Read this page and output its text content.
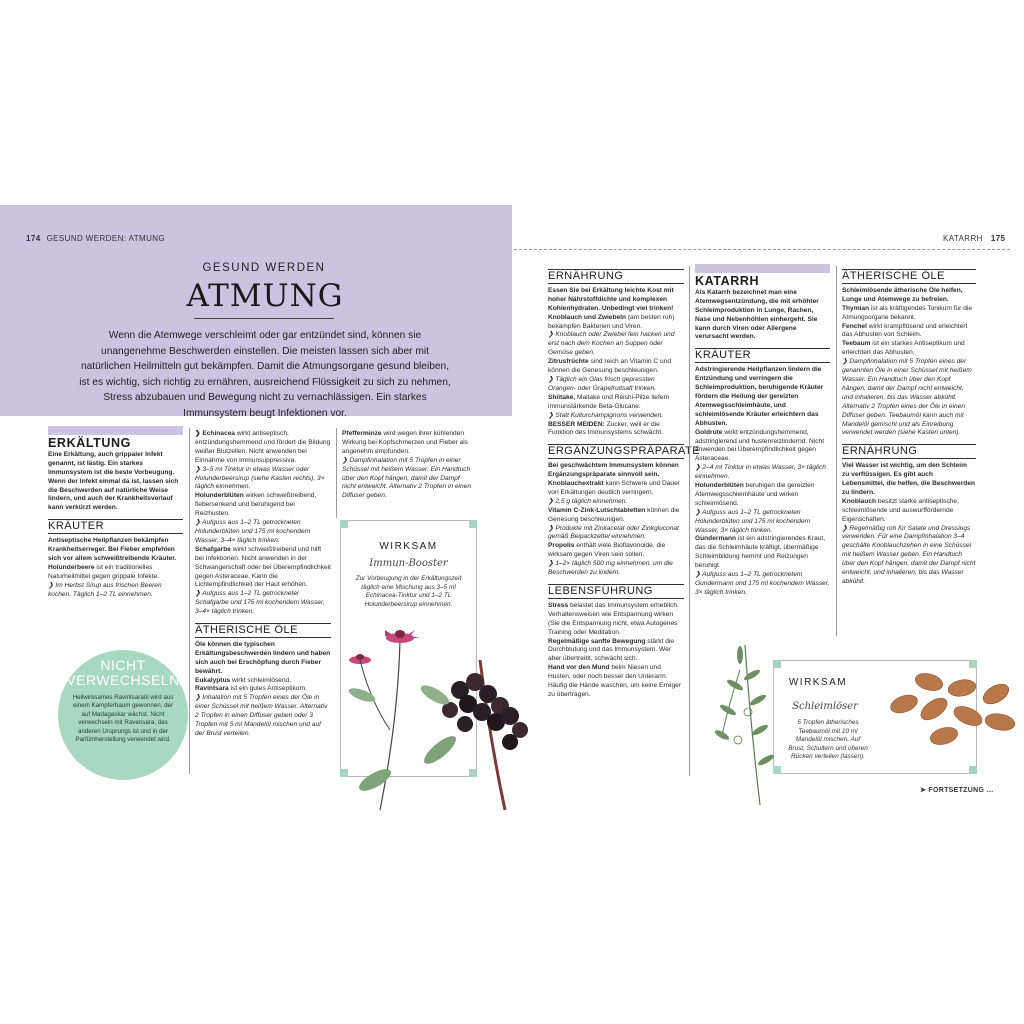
174 GESUND WERDEN: ATMUNG	KATARRH 175
GESUND WERDEN
ATMUNG
Wenn die Atemwege verschleimt oder gar entzündet sind, können sie unangenehme Beschwerden einstellen. Die meisten lassen sich aber mit natürlichen Heilmitteln gut bekämpfen. Damit die Atmungsorgane gesund bleiben, ist es wichtig, sich richtig zu ernähren, ausreichend Flüssigkeit zu sich zu nehmen, Stress abzubauen und Bewegung nicht zu vernachlässigen. Ein starkes Immunsystem beugt Infektionen vor.
ERKÄLTUNG

Eine Erkältung, auch grippaler Infekt genannt, ist lästig. Ein starkes Immunsystem ist die beste Vorbeugung. Wenn der Infekt einmal da ist, lassen sich die Beschwerden auf natürliche Weise lindern, und auch der Krankheitsverlauf kann verkürzt werden.

KRÄUTER

Antiseptische Heilpflanzen bekämpfen Krankheitserreger. Bei Fieber empfehlen sich vor allem schweißtreibende Kräuter.

Holunderbeere ist ein traditionelles Naturheilmittel gegen grippale Infekte.

❯ Im Herbst Sirup aus frischen Beeren kochen. Täglich 1–2 TL einnehmen.

NICHT VERWECHSELN
Heilwirksames Ravintsaraöl wird aus einem Kampferbaum gewonnen, der auf Madagaskar wächst. Nicht verwechseln mit Ravensara, das anderen Ursprungs ist und in der Parfümherstellung verwendet wird.

❯ Echinacea wirkt antiseptisch, entzündungshemmend und fördert die Bildung weißer Blutzellen. Nicht anwenden bei Einnahme von Immunsuppressiva.

❯ 3–5 ml Tinktur in etwas Wasser oder Holunderbeersirup (siehe Kasten rechts), 3× täglich einnehmen.

Holunderblüten wirken schweißtreibend, fiebersenkend und beruhigend bei Reizhusten.

❯ Aufguss aus 1–2 TL getrockneten Holunderblüten und 175 ml kochendem Wasser, 3–4× täglich trinken.

Schafgarbe wirkt schweißtreibend und hilft bei Infektionen. Nicht anwenden in der Schwangerschaft oder bei Überempfindlichkeit gegen Asteraceae. Kann die Lichtempfindlichkeit der Haut erhöhen.

❯ Aufguss aus 1–2 TL getrockneter Schafgarbe und 175 ml kochendem Wasser, 3–4× täglich trinken.

ÄTHERISCHE ÖLE

Öle können die typischen Erkältungsbeschwerden lindern und haben sich auch bei Erschöpfung durch Fieber bewährt.

Eukalyptus wirkt schleimlösend.

Ravintsara ist ein gutes Antiseptikum.

❯ Inhalation mit 5 Tropfen eines der Öle in einer Schüssel mit heißem Wasser. Alternativ 2 Tropfen in einen Diffuser geben oder 3 Tropfen mit 5 ml Mandelöl mischen und auf der Brust verteilen.

Pfefferminze wird wegen ihrer kühlenden Wirkung bei Kopfschmerzen und Fieber als angenehm empfunden.

❯ Dampfinhalation mit 5 Tropfen in einer Schüssel mit heißem Wasser. Ein Handtuch über den Kopf hängen, damit der Dampf nicht entweicht. Alternativ 2 Tropfen in einen Diffuser geben.

WIRKSAM
Immun-Booster
Zur Vorbeugung in der Erkältungszeit täglich eine Mischung aus 3–5 ml Echinacea-Tinktur und 1–2 TL Holunderbeersirup einnehmen.
ERNÄHRUNG

Essen Sie bei Erkältung leichte Kost mit hoher Nährstoffdichte und komplexen Kohlenhydraten. Unbedingt viel trinken!

Knoblauch und Zwiebeln (am besten roh) bekämpfen Bakterien und Viren.

❯ Knoblauch oder Zwiebel fein hacken und erst nach dem Kochen an Suppen oder Gemüse geben.

Zitrusfrüchte sind reich an Vitamin C und können die Genesung beschleunigen.

❯ Täglich ein Glas frisch gepressten Orangen- oder Grapefruitsaft trinken.

Shiitake, Maitake und Reishi-Pilze liefern immunstärkende Beta-Glucane.

❯ Statt Kulturchampignons verwenden.

BESSER MEIDEN: Zucker, weil er die Funktion des Immunsystems schwächt.

ERGÄNZUNGSPRÄPARATE

Bei geschwächtem Immunsystem können Ergänzungspräparate sinnvoll sein.

Knoblauchextrakt kann Schwere und Dauer von Erkältungen deutlich verringern.

❯ 2,5 g täglich einnehmen.

Vitamin C-Zink-Lutschtabletten können die Genesung beschleunigen.

❯ Produkte mit Zinkacetat oder Zinkgluconat gemäß Beipackzettel einnehmen.

Propolis enthält viele Bioflavonoide, die wirksam gegen Viren sein sollen.

❯ 1–2× täglich 500 mg einnehmen, um die Beschwerden zu lindern.

LEBENSFÜHRUNG

Stress belastet das Immunsystem erheblich. Verhaltensweisen wie Entspannung wirken (Sie die Entspannung nicht, etwa Autogenes Training oder Meditation.

Regelmäßige sanfte Bewegung stärkt die Durchblutung und das Immunsystem. Wer aber übertreibt, schwächt sich.

Hand vor den Mund beim Niesen und Husten, oder noch besser den Unterarm. Häufig die Hände waschen, um keine Erreger zu übertragen.

KATARRH

Als Katarrh bezeichnet man eine Atemwegsentzündung, die mit erhöhter Schleimproduktion in Lunge, Rachen, Nase und Nebenhöhlen einhergeht. Sie kann durch Viren oder Allergene verursacht werden.

KRÄUTER

Adstringierende Heilpflanzen lindern die Entzündung und verringern die Schleimproduktion, beruhigende Kräuter fördern die Heilung der gereizten Atemwegsschleimhäute, und schleimlösende Kräuter erleichtern das Abhusten.

Goldrute wirkt entzündungshemmend, adstringierend und hustenreizlindernd. Nicht anwenden bei Überempfindlichkeit gegen Asteraceae.

❯ 2–4 ml Tinktur in etwas Wasser, 3× täglich einnehmen.

Holunderblüten beruhigen die gereizten Atemwegsschleimhäute und wirken schleimlösend.

❯ Aufguss aus 1–2 TL getrockneten Holunderblüten und 175 ml kochendem Wasser, 3× täglich trinken.

Gundermann ist ein adstringierendes Kraut, das die Schleimhäute kräftigt, übermäßige Schleimbildung hemmt und Reizungen beruhigt.

❯ Aufguss aus 1–2 TL getrocknetem Gundermann und 175 ml kochendem Wasser, 3× täglich trinken.

ÄTHERISCHE ÖLE

Schleimlösende ätherische Öle helfen, Lunge und Atemwege zu befreien.

Thymian ist als kräftigendes Tonikum für die Atmungsorgane bekannt.

Fenchel wirkt krampflösend und erleichtert das Abhusten von Schleim.

Teebaum ist ein starkes Antiseptikum und erleichtert das Abhusten.

❯ Dampfinhalation mit 5 Tropfen eines der genannten Öle in einer Schüssel mit heißem Wasser. Ein Handtuch über den Kopf hängen, damit der Dampf nicht entweicht, und inhalieren, bis das Wasser abkühlt. Alternativ 2 Tropfen eines der Öle in einen Diffuser geben. Teebaumöl kann auch mit Mandelöl gemischt und als Einreibung verwendet werden (siehe Kasten unten).

ERNÄHRUNG

Viel Wasser ist wichtig, um den Schleim zu verflüssigen. Es gibt auch Lebensmittel, die helfen, die Beschwerden zu lindern.

Knoblauch besitzt starke antiseptische, schleimlösende und auswurffördernde Eigenschaften.

❯ Regelmäßig roh für Salate und Dressings verwenden. Für eine Dampfinhalation 3–4 geschälte Knoblauchzehen in eine Schüssel mit heißem Wasser geben. Ein Handtuch über den Kopf hängen, damit der Dampf nicht entweicht, und inhalieren, bis das Wasser abkühlt.

WIRKSAM
Schleimlöser
5 Tropfen ätherisches Teebaumöl mit 10 ml Mandelöl mischen. Auf Brust, Schultern und oberen Rücken verteilen (lassen).
➤ FORTSETZUNG …
